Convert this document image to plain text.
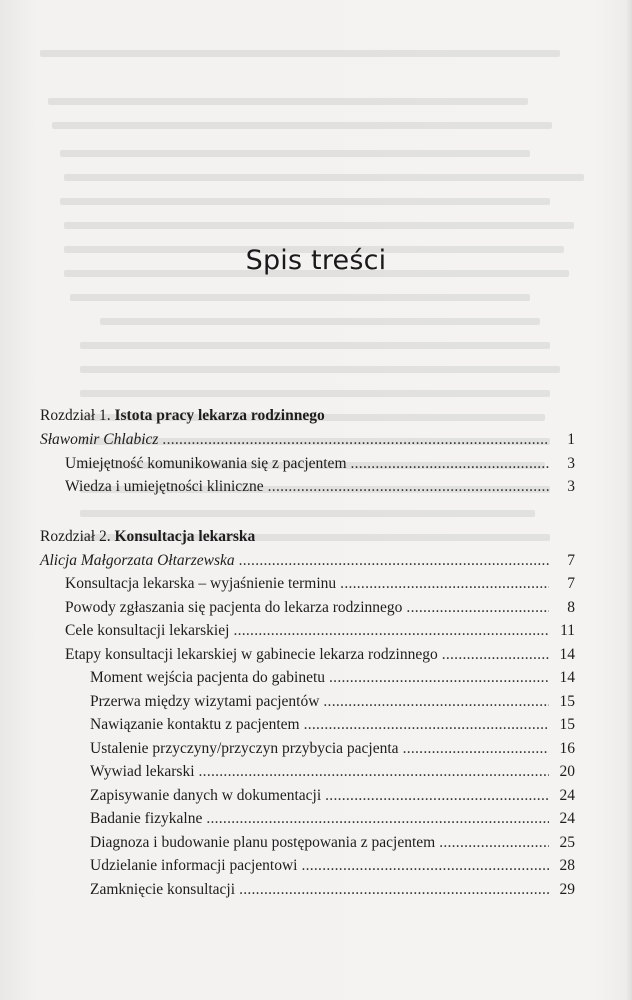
Spis treści
Rozdział 1. Istota pracy lekarza rodzinnego
Sławomir Chlabicz . . .	1
Umiejętność komunikowania się z pacjentem . . .	3
Wiedza i umiejętności kliniczne . . .	3
Rozdział 2. Konsultacja lekarska
Alicja Małgorzata Ołtarzewska . . .	7
Konsultacja lekarska – wyjaśnienie terminu . . .	7
Powody zgłaszania się pacjenta do lekarza rodzinnego . . .	8
Cele konsultacji lekarskiej . . .	11
Etapy konsultacji lekarskiej w gabinecie lekarza rodzinnego . . .	14
Moment wejścia pacjenta do gabinetu . . .	14
Przerwa między wizytami pacjentów . . .	15
Nawiązanie kontaktu z pacjentem . . .	15
Ustalenie przyczyny/przyczyn przybycia pacjenta . . .	16
Wywiad lekarski . . .	20
Zapisywanie danych w dokumentacji . . .	24
Badanie fizykalne . . .	24
Diagnoza i budowanie planu postępowania z pacjentem . . .	25
Udzielanie informacji pacjentowi . . .	28
Zamknięcie konsultacji . . .	29
